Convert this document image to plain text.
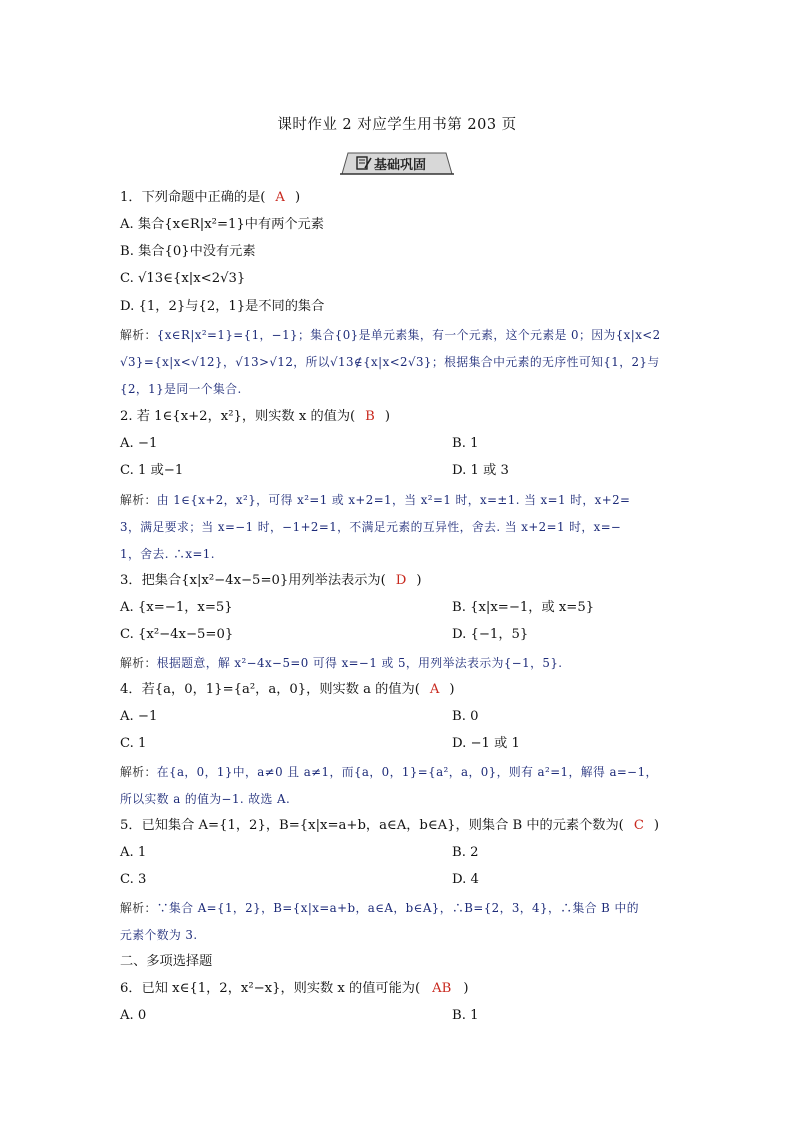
课时作业 2 对应学生用书第 203 页
基础巩固
1．下列命题中正确的是( A )
A. 集合{x∈R|x²=1}中有两个元素
B. 集合{0}中没有元素
C. √13∈{x|x<2√3}
D. {1，2}与{2，1}是不同的集合
解析：{x∈R|x²=1}={1，−1}；集合{0}是单元素集，有一个元素，这个元素是 0；因为{x|x<2
√3}={x|x<√12}，√13>√12，所以√13∉{x|x<2√3}；根据集合中元素的无序性可知{1，2}与
{2，1}是同一个集合.
2. 若 1∈{x+2，x²}，则实数 x 的值为( B )
A. −1	B. 1
C. 1 或−1	D. 1 或 3
解析：由 1∈{x+2，x²}，可得 x²=1 或 x+2=1，当 x²=1 时，x=±1. 当 x=1 时，x+2=
3，满足要求；当 x=−1 时，−1+2=1，不满足元素的互异性，舍去. 当 x+2=1 时，x=−
1，舍去. ∴x=1.
3．把集合{x|x²−4x−5=0}用列举法表示为( D )
A. {x=−1，x=5}	B. {x|x=−1，或 x=5}
C. {x²−4x−5=0}	D. {−1，5}
解析：根据题意，解 x²−4x−5=0 可得 x=−1 或 5，用列举法表示为{−1，5}.
4．若{a，0，1}={a²，a，0}，则实数 a 的值为( A )
A. −1	B. 0
C. 1	D. −1 或 1
解析：在{a，0，1}中，a≠0 且 a≠1，而{a，0，1}={a²，a，0}，则有 a²=1，解得 a=−1，
所以实数 a 的值为−1. 故选 A.
5．已知集合 A={1，2}，B={x|x=a+b，a∈A，b∈A}，则集合 B 中的元素个数为( C )
A. 1	B. 2
C. 3	D. 4
解析：∵集合 A={1，2}，B={x|x=a+b，a∈A，b∈A}，∴B={2，3，4}，∴集合 B 中的
元素个数为 3.
二、多项选择题
6．已知 x∈{1，2，x²−x}，则实数 x 的值可能为( AB )
A. 0	B. 1
